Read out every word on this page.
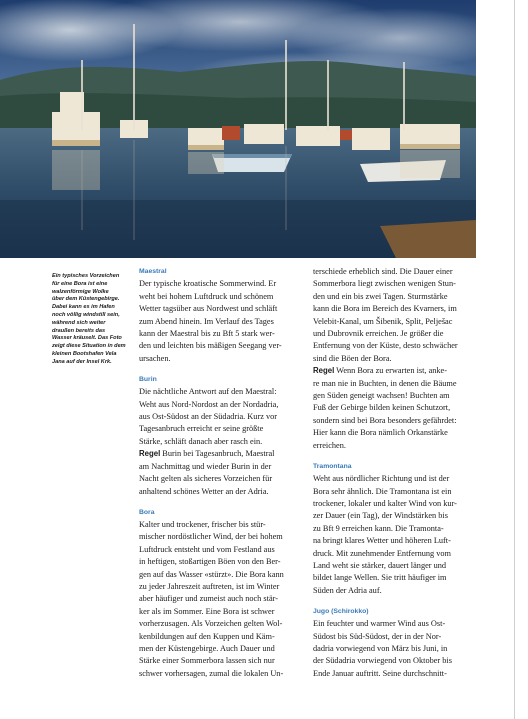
Ein typisches Vorzeichen

für eine Bora ist eine

walzenförmige Wolke

über dem Küstengebirge.

Dabei kann es im Hafen

noch völlig windstill sein,

während sich weiter

draußen bereits das

Wasser kräuselt. Das Foto

zeigt diese Situation in dem

kleinen Bootshafen Vela

Jana auf der Insel Krk.

Maestral

Der typische kroatische Sommerwind. Er

weht bei hohem Luftdruck und schönem

Wetter tagsüber aus Nordwest und schläft

zum Abend hinein. Im Verlauf des Tages

kann der Maestral bis zu Bft 5 stark wer-

den und leichten bis mäßigen Seegang ver-

ursachen.

Burin

Die nächtliche Antwort auf den Maestral:

Weht aus Nord-Nordost an der Nordadria,

aus Ost-Südost an der Südadria. Kurz vor

Tagesanbruch erreicht er seine größte

Stärke, schläft danach aber rasch ein.

Regel Burin bei Tagesanbruch, Maestral

am Nachmittag und wieder Burin in der

Nacht gelten als sicheres Vorzeichen für

anhaltend schönes Wetter an der Adria.

Bora

Kalter und trockener, frischer bis stür-

mischer nordöstlicher Wind, der bei hohem

Luftdruck entsteht und vom Festland aus

in heftigen, stoßartigen Böen von den Ber-

gen auf das Wasser «stürzt». Die Bora kann

zu jeder Jahreszeit auftreten, ist im Winter

aber häufiger und zumeist auch noch stär-

ker als im Sommer. Eine Bora ist schwer

vorherzusagen. Als Vorzeichen gelten Wol-

kenbildungen auf den Kuppen und Käm-

men der Küstengebirge. Auch Dauer und

Stärke einer Sommerbora lassen sich nur

schwer vorhersagen, zumal die lokalen Un-

terschiede erheblich sind. Die Dauer einer

Sommerbora liegt zwischen wenigen Stun-

den und ein bis zwei Tagen. Sturmstärke

kann die Bora im Bereich des Kvarners, im

Velebit-Kanal, um Šibenik, Split, Pelješac

und Dubrovnik erreichen. Je größer die

Entfernung von der Küste, desto schwächer

sind die Böen der Bora.

Regel Wenn Bora zu erwarten ist, anke-

re man nie in Buchten, in denen die Bäume

gen Süden geneigt wachsen! Buchten am

Fuß der Gebirge bilden keinen Schutzort,

sondern sind bei Bora besonders gefährdet:

Hier kann die Bora nämlich Orkanstärke

erreichen.

Tramontana

Weht aus nördlicher Richtung und ist der

Bora sehr ähnlich. Die Tramontana ist ein

trockener, lokaler und kalter Wind von kur-

zer Dauer (ein Tag), der Windstärken bis

zu Bft 9 erreichen kann. Die Tramonta-

na bringt klares Wetter und höheren Luft-

druck. Mit zunehmender Entfernung vom

Land weht sie stärker, dauert länger und

bildet lange Wellen. Sie tritt häufiger im

Süden der Adria auf.

Jugo (Schirokko)

Ein feuchter und warmer Wind aus Ost-

Südost bis Süd-Südost, der in der Nor-

dadria vorwiegend von März bis Juni, in

der Südadria vorwiegend von Oktober bis

Ende Januar auftritt. Seine durchschnitt-
